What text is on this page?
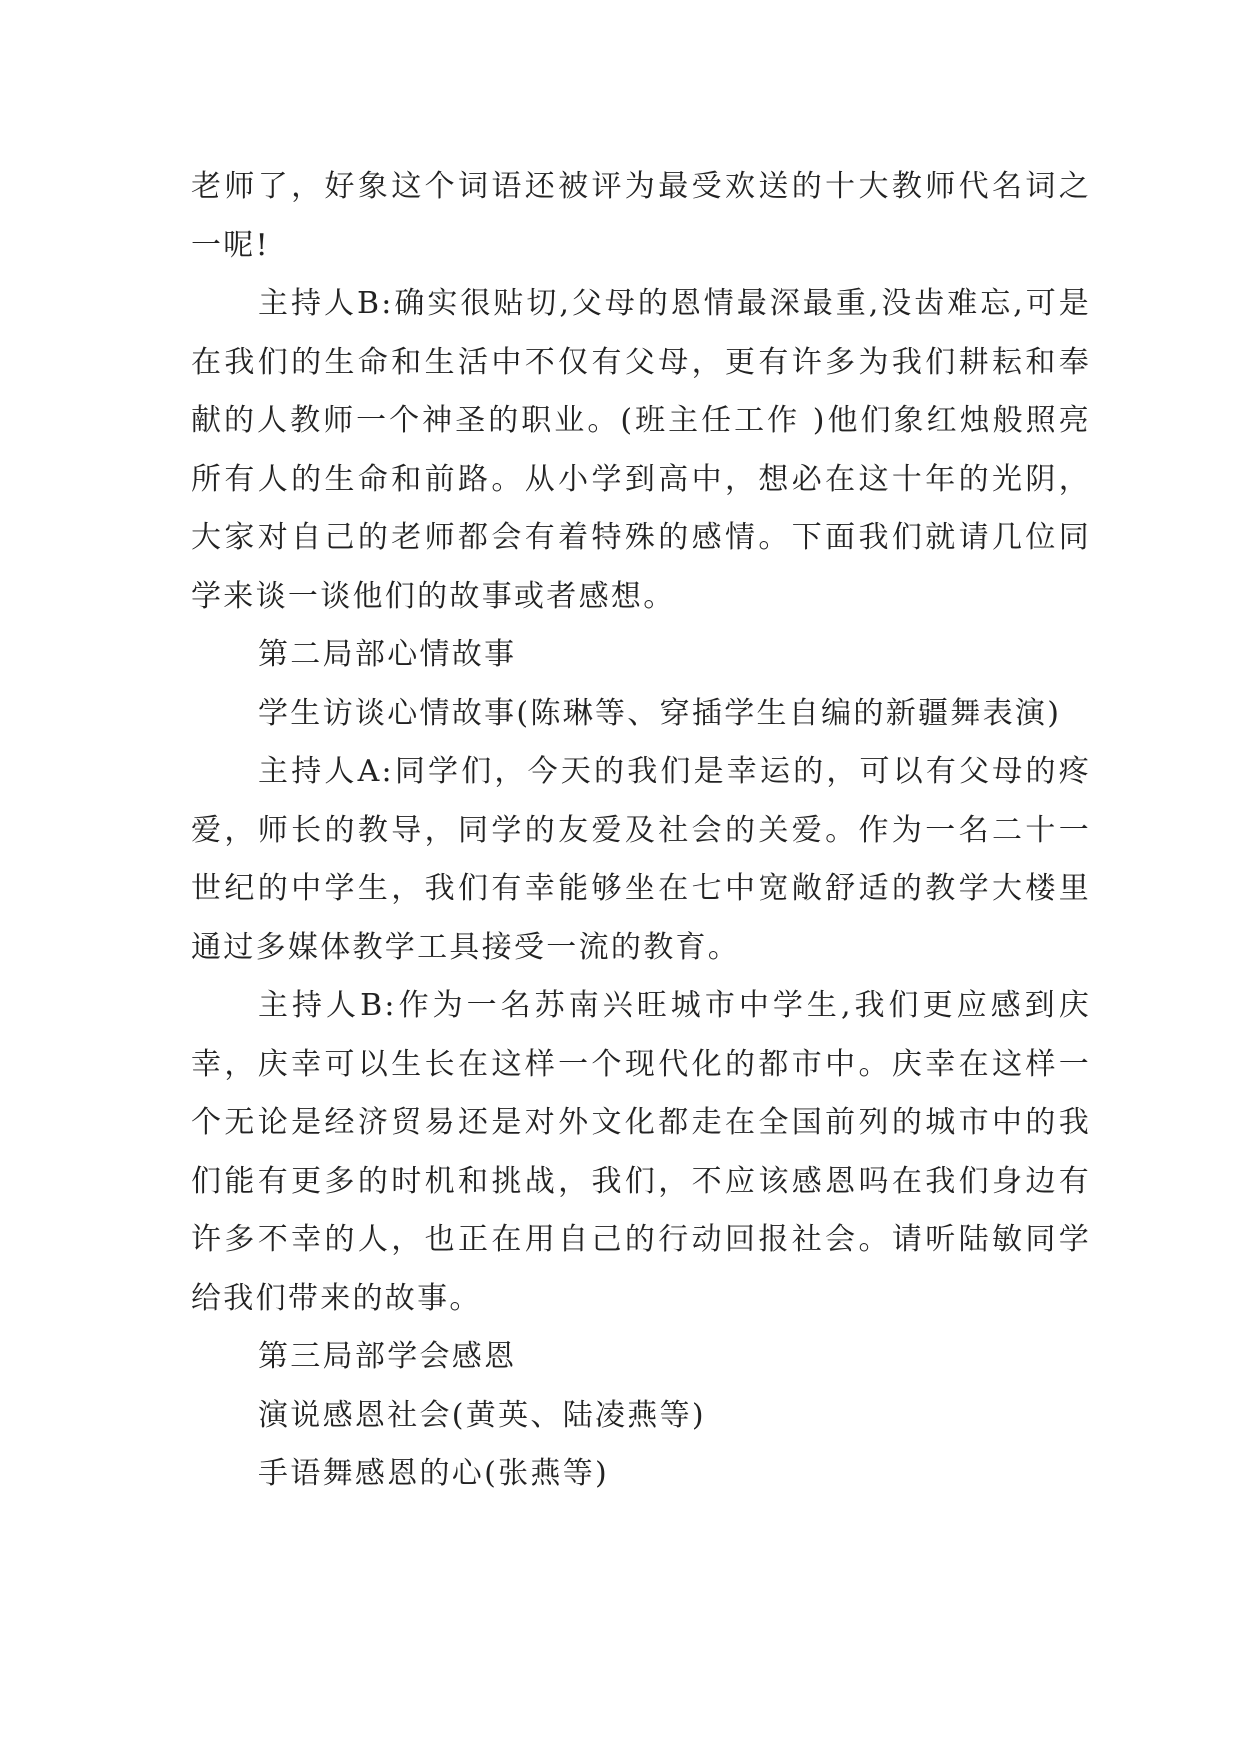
老师了，好象这个词语还被评为最受欢送的十大教师代名词之一呢!

主持人B:确实很贴切,父母的恩情最深最重,没齿难忘,可是在我们的生命和生活中不仅有父母，更有许多为我们耕耘和奉献的人教师一个神圣的职业。(班主任工作 )他们象红烛般照亮所有人的生命和前路。从小学到高中，想必在这十年的光阴，大家对自己的老师都会有着特殊的感情。下面我们就请几位同学来谈一谈他们的故事或者感想。

第二局部心情故事

学生访谈心情故事(陈琳等、穿插学生自编的新疆舞表演)

主持人A:同学们，今天的我们是幸运的，可以有父母的疼爱，师长的教导，同学的友爱及社会的关爱。作为一名二十一世纪的中学生，我们有幸能够坐在七中宽敞舒适的教学大楼里通过多媒体教学工具接受一流的教育。

主持人B:作为一名苏南兴旺城市中学生,我们更应感到庆幸，庆幸可以生长在这样一个现代化的都市中。庆幸在这样一个无论是经济贸易还是对外文化都走在全国前列的城市中的我们能有更多的时机和挑战，我们，不应该感恩吗在我们身边有许多不幸的人，也正在用自己的行动回报社会。请听陆敏同学给我们带来的故事。

第三局部学会感恩

演说感恩社会(黄英、陆凌燕等)

手语舞感恩的心(张燕等)
